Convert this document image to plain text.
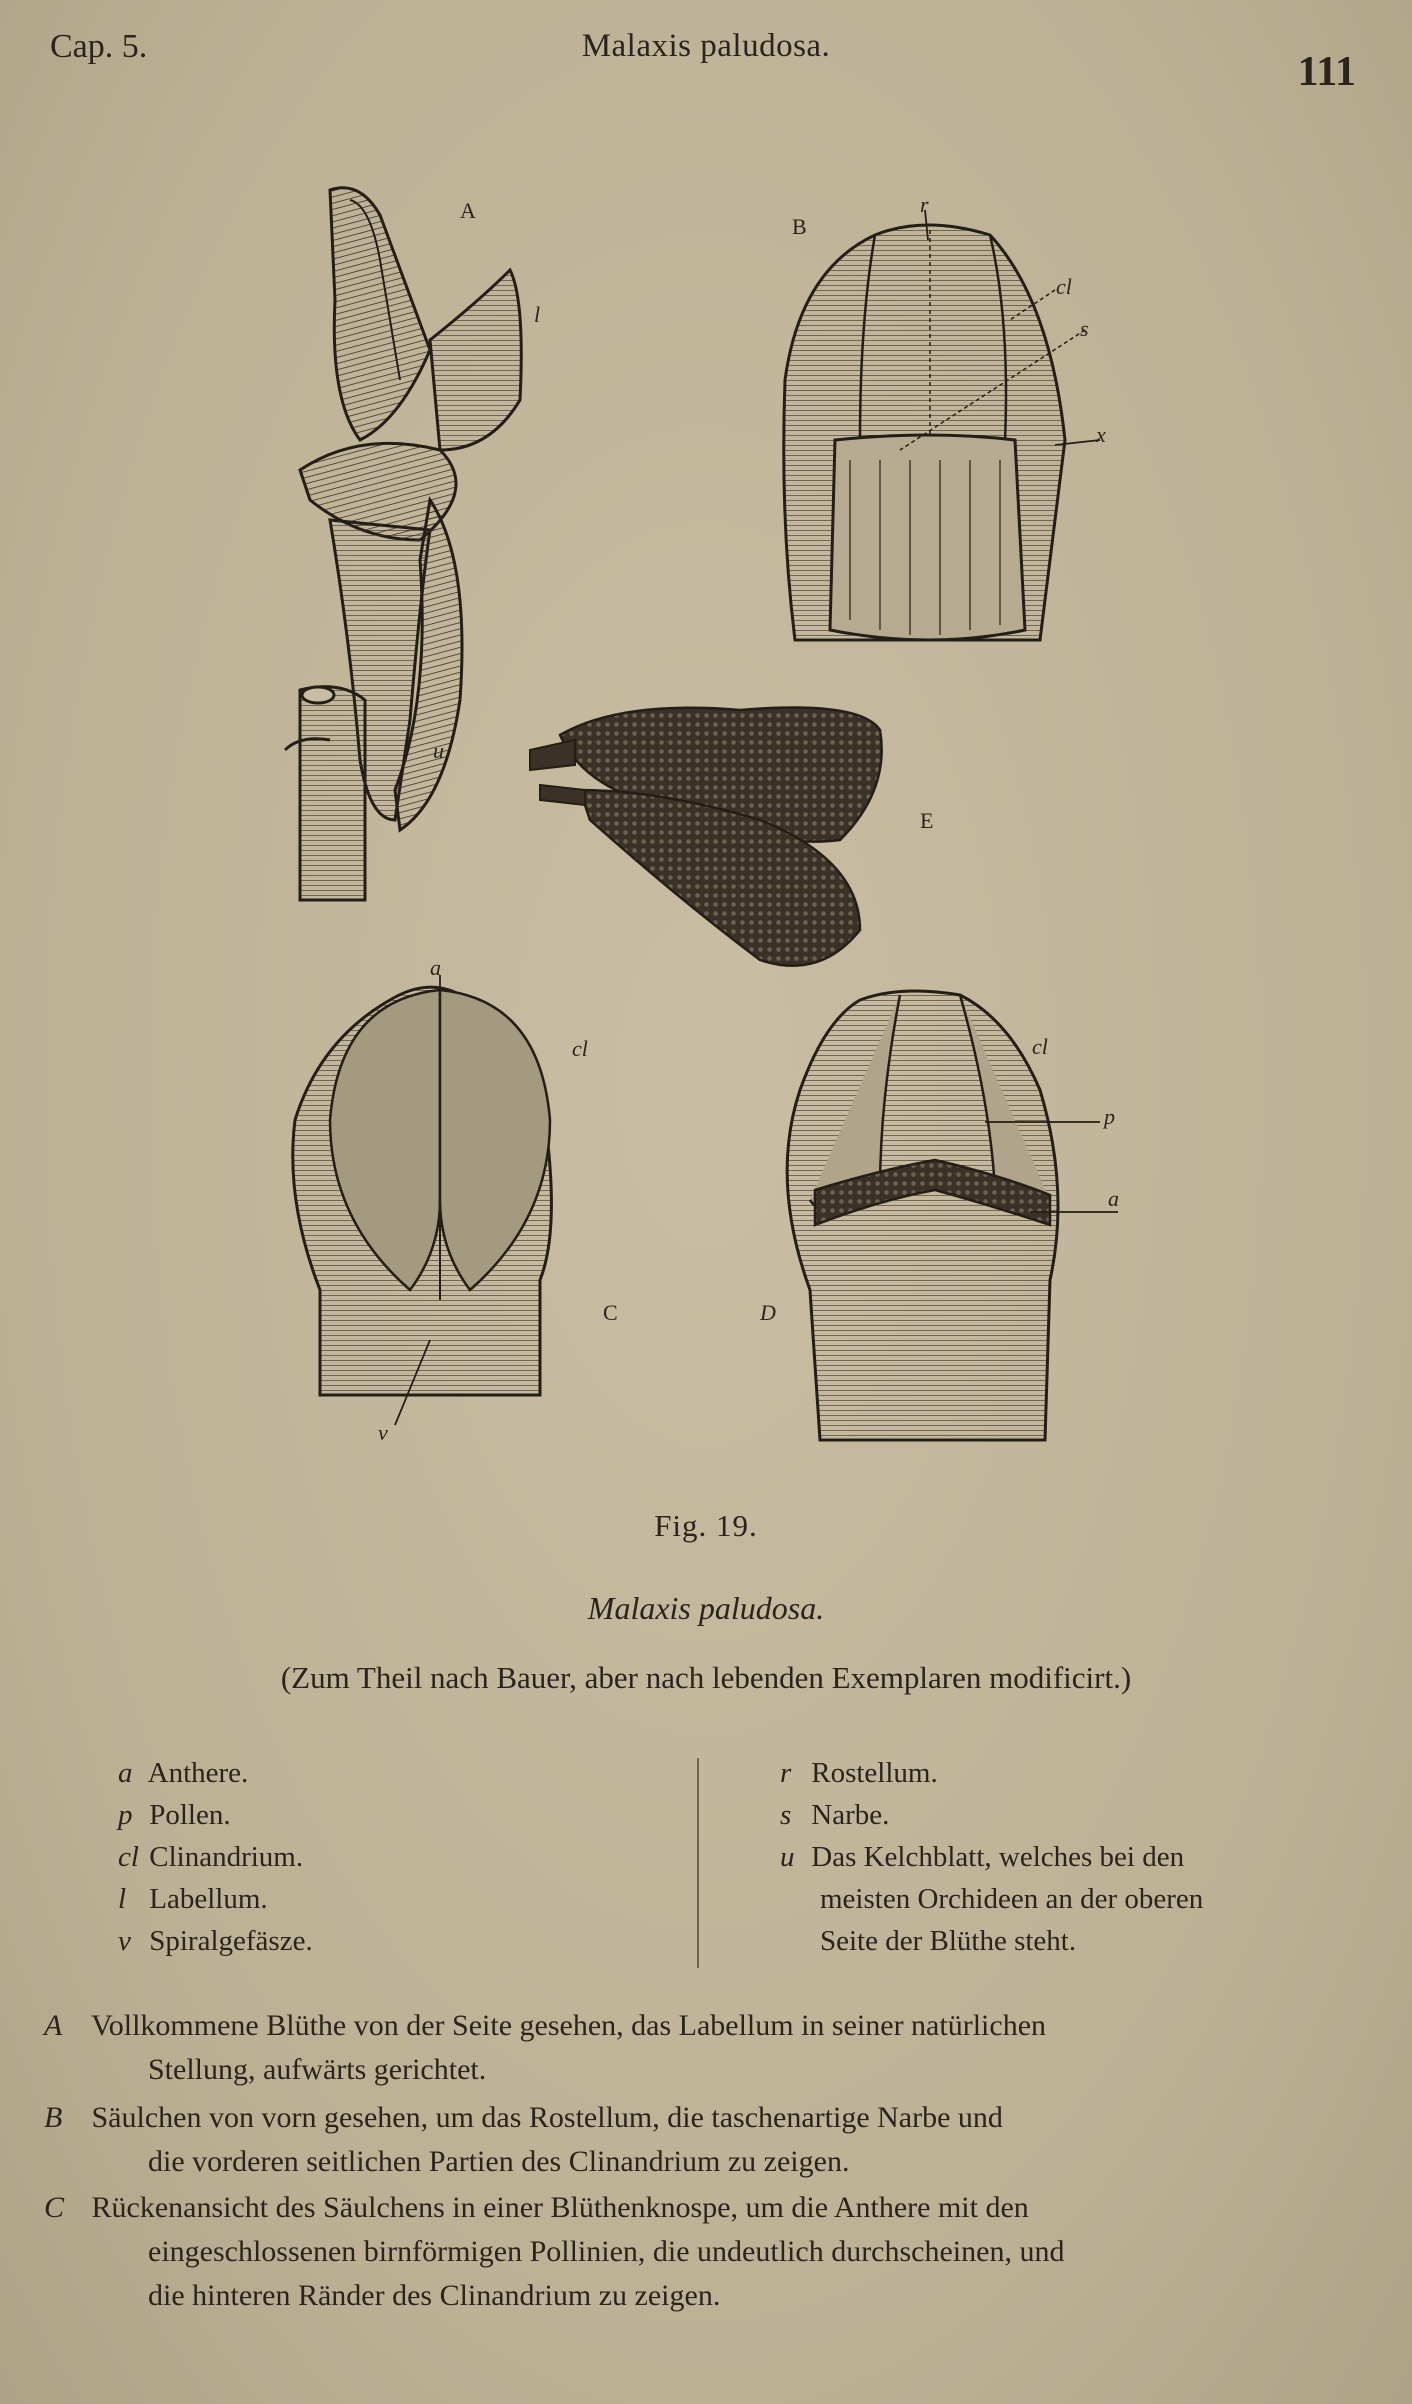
Cap. 5.	Malaxis paludosa.
111
A
B
C	D
E
l
u
r
cl
s
x
a
cl
v
cl
p
a
Fig. 19.
Malaxis paludosa.
(Zum Theil nach Bauer, aber nach lebenden Exemplaren modificirt.)
a Anthere.
p Pollen.
cl Clinandrium.
l Labellum.
v Spiralgefäsze.
r Rostellum.
s Narbe.
u Das Kelchblatt, welches bei den
meisten Orchideen an der oberen
Seite der Blüthe steht.
A Vollkommene Blüthe von der Seite gesehen, das Labellum in seiner natürlichen
Stellung, aufwärts gerichtet.
B Säulchen von vorn gesehen, um das Rostellum, die taschenartige Narbe und
die vorderen seitlichen Partien des Clinandrium zu zeigen.
C Rückenansicht des Säulchens in einer Blüthenknospe, um die Anthere mit den
eingeschlossenen birnförmigen Pollinien, die undeutlich durchscheinen, und
die hinteren Ränder des Clinandrium zu zeigen.
